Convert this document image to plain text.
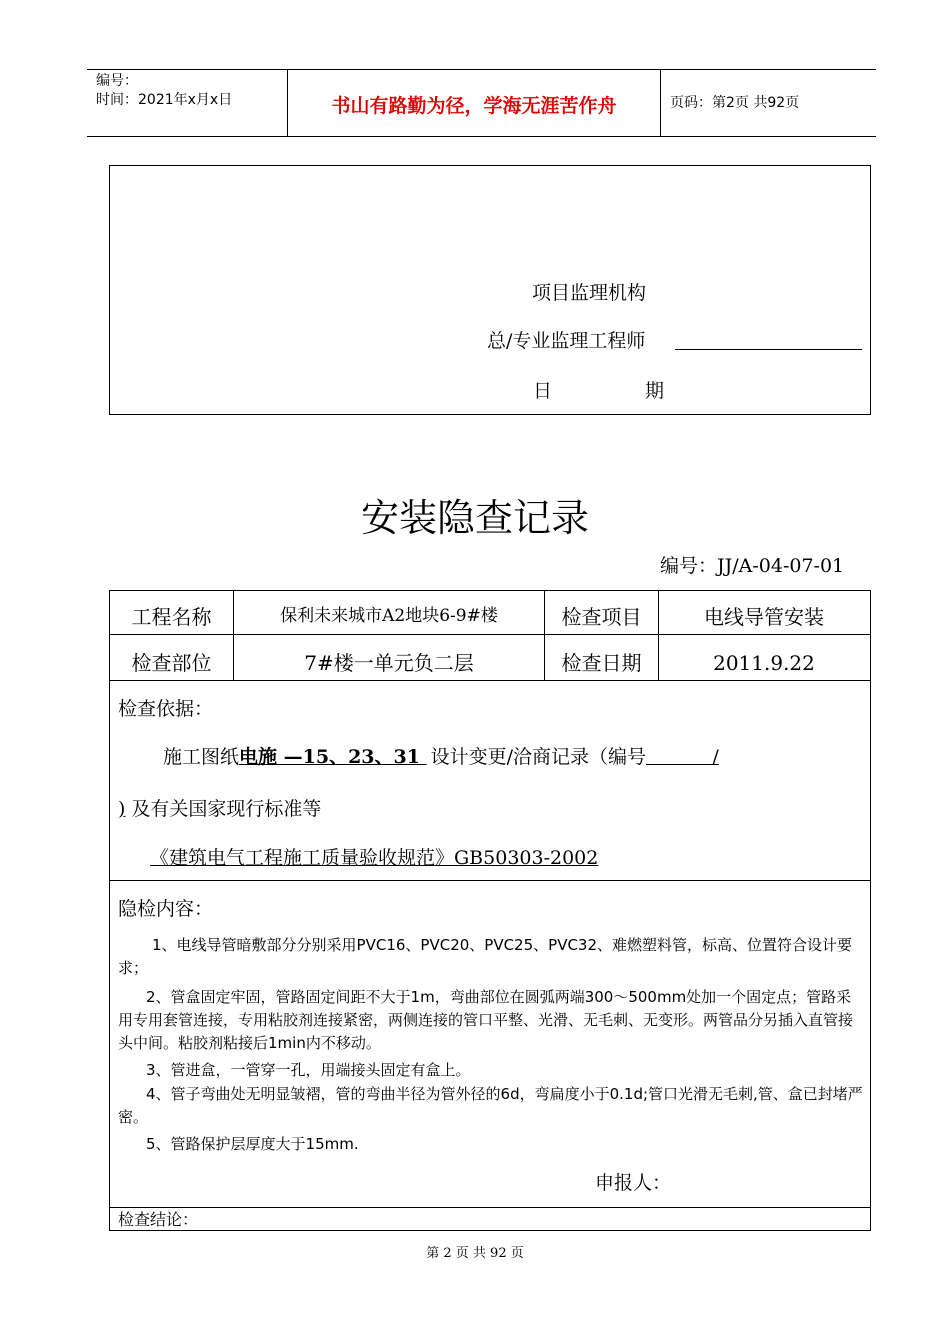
编号：
时间：2021年x月x日	书山有路勤为径，学海无涯苦作舟	页码：第2页 共92页
项目监理机构
总/专业监理工程师
日	期
安装隐查记录
编号：JJ/A-04-07-01
工程名称	保利未来城市A2地块6-9#楼	检查项目	电线导管安装
检查部位	7#楼一单元负二层	检查日期	2011.9.22
检查依据：
施工图纸电施 —15、23、31 设计变更/洽商记录（编号           /
) 及有关国家现行标准等
《建筑电气工程施工质量验收规范》GB50303-2002
隐检内容：
1、电线导管暗敷部分分别采用PVC16、PVC20、PVC25、PVC32、难燃塑料管，标高、位置符合设计要求；
2、管盒固定牢固，管路固定间距不大于1m，弯曲部位在圆弧两端300～500mm处加一个固定点；管路采用专用套管连接，专用粘胶剂连接紧密，两侧连接的管口平整、光滑、无毛刺、无变形。两管品分另插入直管接头中间。粘胶剂粘接后1min内不移动。
3、管进盒，一管穿一孔，用端接头固定有盒上。
4、管子弯曲处无明显皱褶，管的弯曲半径为管外径的6d，弯扁度小于0.1d;管口光滑无毛刺,管、盒已封堵严密。
5、管路保护层厚度大于15mm.
申报人：
检查结论：
第 2 页 共 92 页
